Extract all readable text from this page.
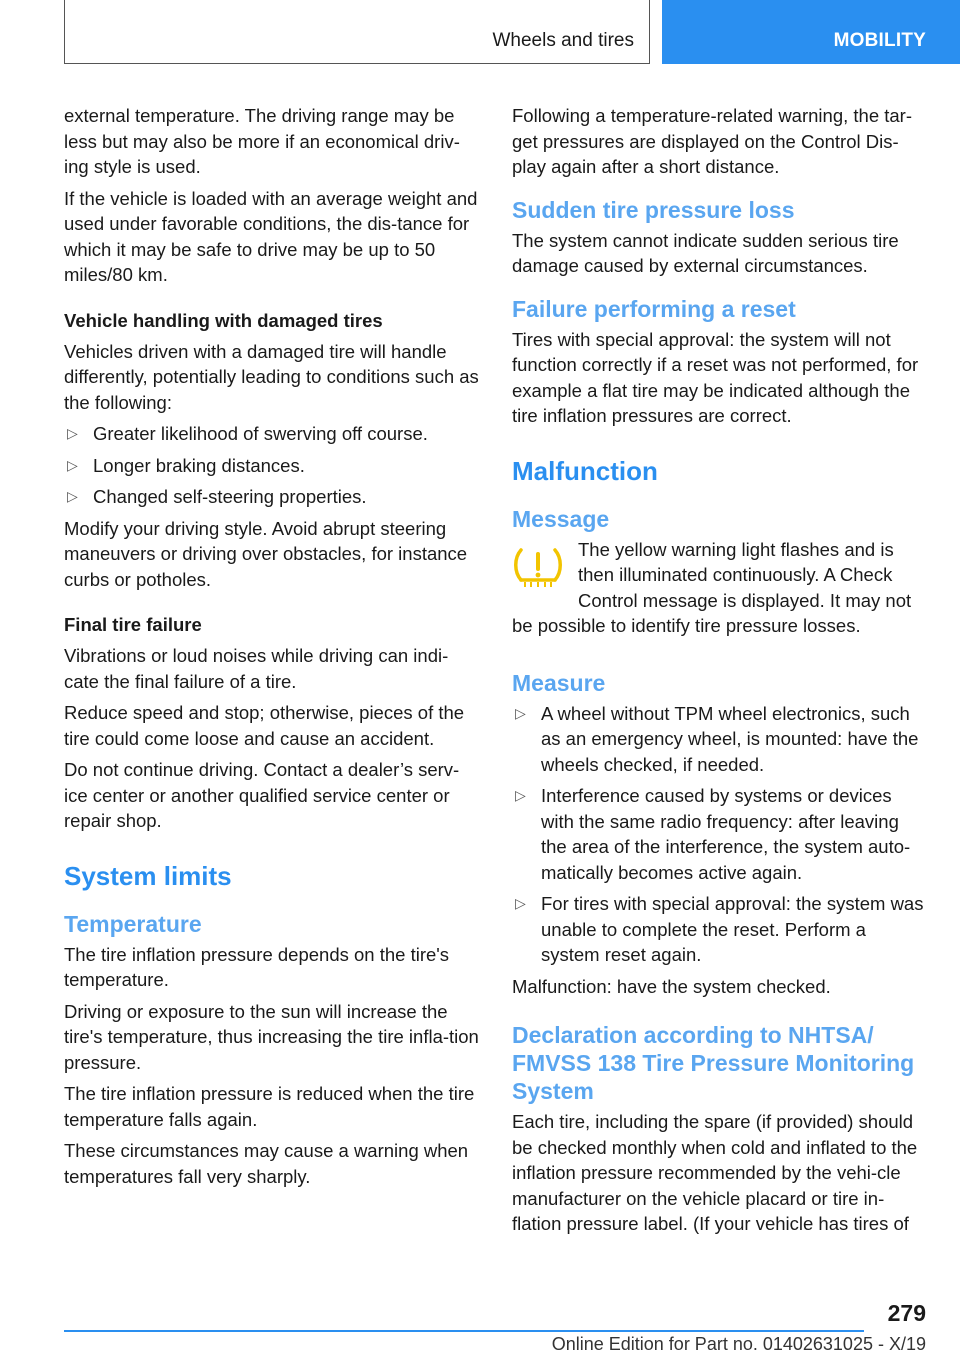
Wheels and tires	MOBILITY

external temperature. The driving range may be less but may also be more if an economical driv‐ing style is used.

If the vehicle is loaded with an average weight and used under favorable conditions, the dis‐tance for which it may be safe to drive may be up to 50 miles/80 km.

Vehicle handling with damaged tires

Vehicles driven with a damaged tire will handle differently, potentially leading to conditions such as the following:

▷ Greater likelihood of swerving off course.
▷ Longer braking distances.
▷ Changed self-steering properties.

Modify your driving style. Avoid abrupt steering maneuvers or driving over obstacles, for instance curbs or potholes.

Final tire failure

Vibrations or loud noises while driving can indi‐cate the final failure of a tire.

Reduce speed and stop; otherwise, pieces of the tire could come loose and cause an accident.

Do not continue driving. Contact a dealer’s serv‐ice center or another qualified service center or repair shop.

System limits
Temperature

The tire inflation pressure depends on the tire's temperature.

Driving or exposure to the sun will increase the tire's temperature, thus increasing the tire infla‐tion pressure.

The tire inflation pressure is reduced when the tire temperature falls again.

These circumstances may cause a warning when temperatures fall very sharply.

Following a temperature-related warning, the tar‐get pressures are displayed on the Control Dis‐play again after a short distance.

Sudden tire pressure loss

The system cannot indicate sudden serious tire damage caused by external circumstances.

Failure performing a reset

Tires with special approval: the system will not function correctly if a reset was not performed, for example a flat tire may be indicated although the tire inflation pressures are correct.

Malfunction
Message

The yellow warning light flashes and is then illuminated continuously. A Check Control message is displayed. It may not

be possible to identify tire pressure losses.

Measure
▷ A wheel without TPM wheel electronics, such as an emergency wheel, is mounted: have the wheels checked, if needed.
▷ Interference caused by systems or devices with the same radio frequency: after leaving the area of the interference, the system auto‐matically becomes active again.
▷ For tires with special approval: the system was unable to complete the reset. Perform a system reset again.

Malfunction: have the system checked.

Declaration according to NHTSA/ FMVSS 138 Tire Pressure Monitoring System

Each tire, including the spare (if provided) should be checked monthly when cold and inflated to the inflation pressure recommended by the vehi‐cle manufacturer on the vehicle placard or tire in‐flation pressure label. (If your vehicle has tires of

279
Online Edition for Part no. 01402631025 - X/19
